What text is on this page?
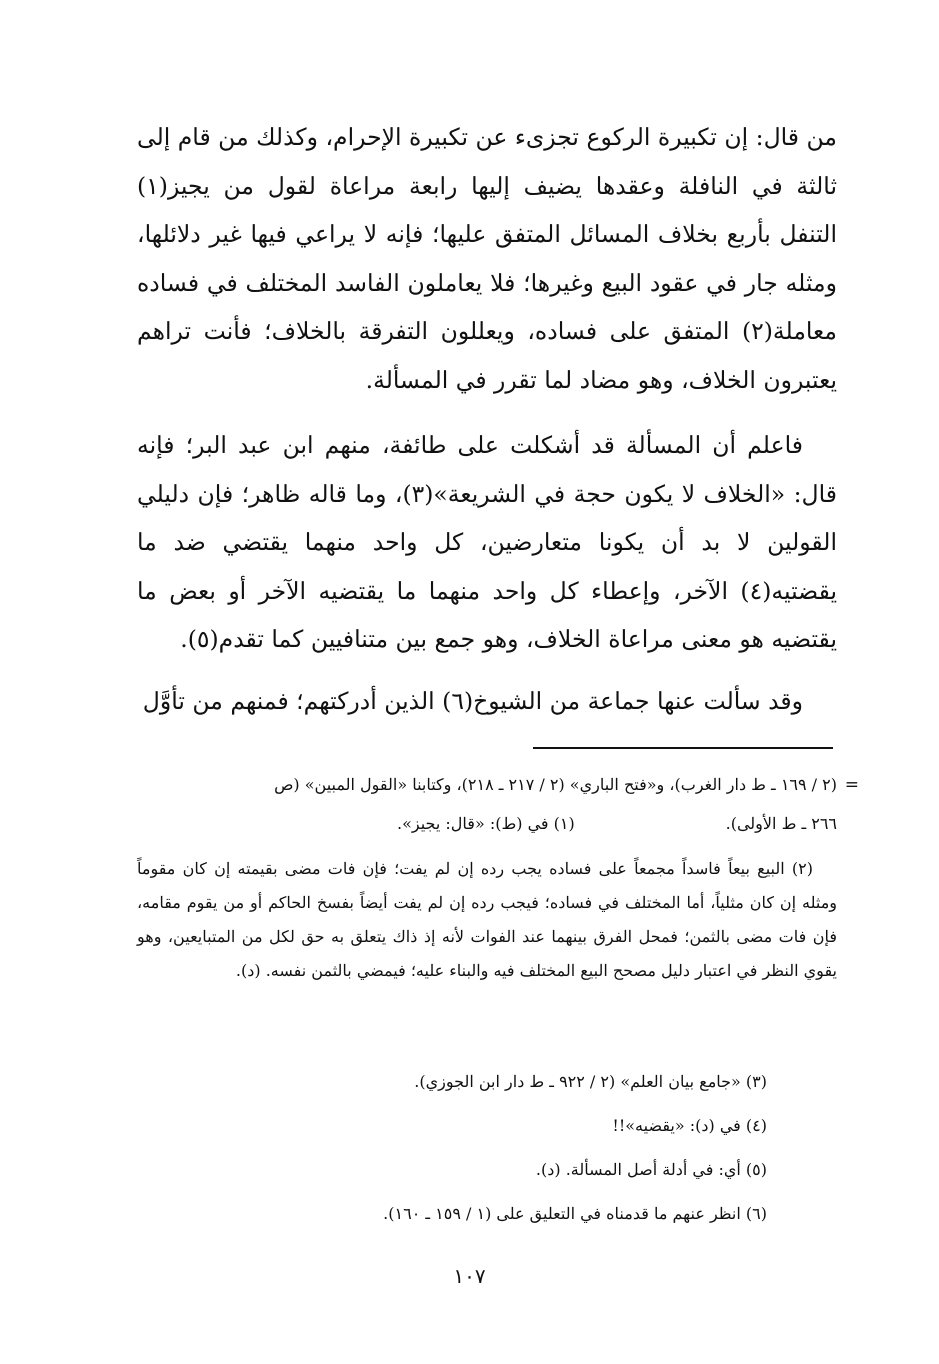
من قال: إن تكبيرة الركوع تجزىء عن تكبيرة الإحرام، وكذلك من قام إلى ثالثة في النافلة وعقدها يضيف إليها رابعة مراعاة لقول من يجيز(١) التنفل بأربع بخلاف المسائل المتفق عليها؛ فإنه لا يراعي فيها غير دلائلها، ومثله جار في عقود البيع وغيرها؛ فلا يعاملون الفاسد المختلف في فساده معاملة(٢) المتفق على فساده، ويعللون التفرقة بالخلاف؛ فأنت تراهم يعتبرون الخلاف، وهو مضاد لما تقرر في المسألة.

فاعلم أن المسألة قد أشكلت على طائفة، منهم ابن عبد البر؛ فإنه قال: «الخلاف لا يكون حجة في الشريعة»(٣)، وما قاله ظاهر؛ فإن دليلي القولين لا بد أن يكونا متعارضين، كل واحد منهما يقتضي ضد ما يقضتيه(٤) الآخر، وإعطاء كل واحد منهما ما يقتضيه الآخر أو بعض ما يقتضيه هو معنى مراعاة الخلاف، وهو جمع بين متنافيين كما تقدم(٥).

وقد سألت عنها جماعة من الشيوخ(٦) الذين أدركتهم؛ فمنهم من تأوَّل

=

(٢ / ١٦٩ ـ ط دار الغرب)، و«فتح الباري» (٢ / ٢١٧ ـ ٢١٨)، وكتابنا «القول المبين» (ص

٢٦٦ ـ ط الأولى).
(١) في (ط): «قال: يجيز».

(٢) البيع بيعاً فاسداً مجمعاً على فساده يجب رده إن لم يفت؛ فإن فات مضى بقيمته إن كان مقوماً ومثله إن كان مثلياً، أما المختلف في فساده؛ فيجب رده إن لم يفت أيضاً بفسخ الحاكم أو من يقوم مقامه، فإن فات مضى بالثمن؛ فمحل الفرق بينهما عند الفوات لأنه إذ ذاك يتعلق به حق لكل من المتبايعين، وهو يقوي النظر في اعتبار دليل مصحح البيع المختلف فيه والبناء عليه؛ فيمضي بالثمن نفسه. (د).

(٣) «جامع بيان العلم» (٢ / ٩٢٢ ـ ط دار ابن الجوزي).

(٤) في (د): «يقضيه»!!

(٥) أي: في أدلة أصل المسألة. (د).

(٦) انظر عنهم ما قدمناه في التعليق على (١ / ١٥٩ ـ ١٦٠).

١٠٧
